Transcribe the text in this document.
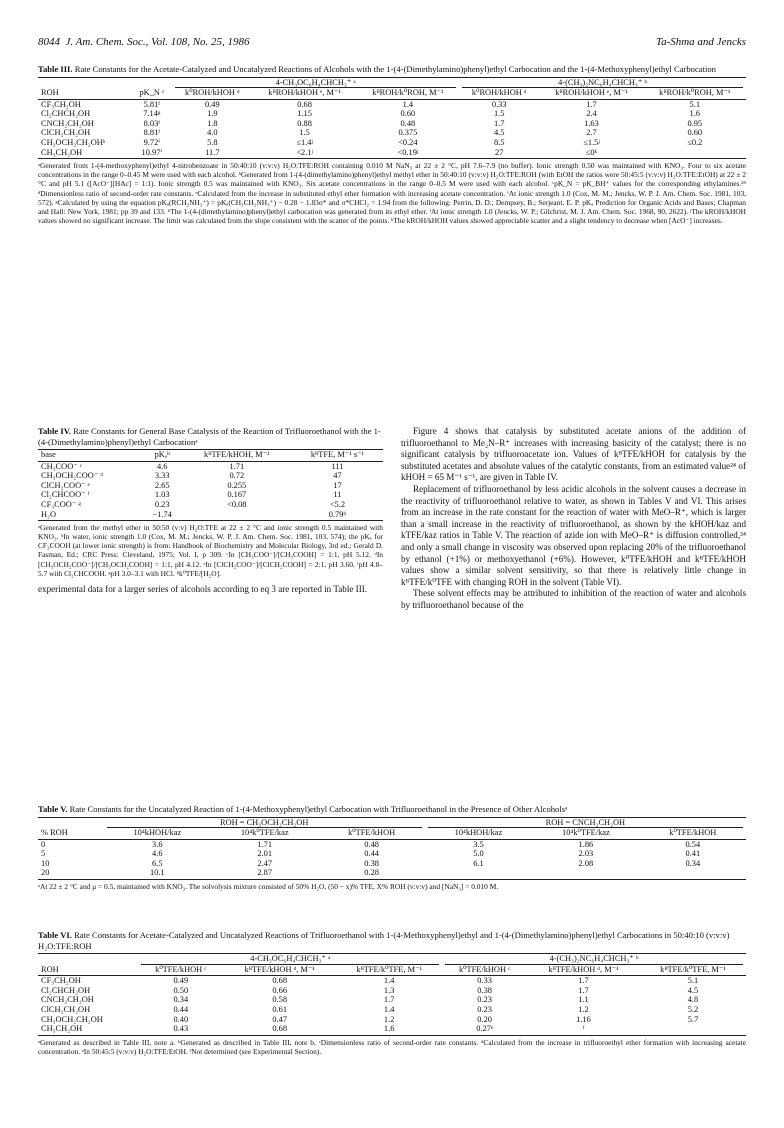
8044 J. Am. Chem. Soc., Vol. 108, No. 25, 1986	Ta-Shma and Jencks

Table III. Rate Constants for the Acetate-Catalyzed and Uncatalyzed Reactions of Alcohols with the 1-(4-(Dimethylamino)phenyl)ethyl Carbocation and the 1-(4-Methoxyphenyl)ethyl Carbocation

		4-CH₃OC₆H₄CHCH₃⁺ ᵃ			4-(CH₃)₂NC₆H₄CHCH₃⁺ ᵇ		

ROH	pK_N ᶜ	k⁰ROH/kHOH ᵈ	kᴮROH/kHOH ᵉ, M⁻¹	kᴮROH/k⁰ROH, M⁻¹	k⁰ROH/kHOH ᵈ	kᴮROH/kHOH ᵉ, M⁻¹	kᴮROH/k⁰ROH, M⁻¹
CF₃CH₂OH	5.81ᶠ	0.49	0.68	1.4	0.33	1.7	5.1
Cl₂CHCH₂OH	7.14ᵍ	1.9	1.15	0.60	1.5	2.4	1.6
CNCH₂CH₂OH	8.03ᶠ	1.8	0.88	0.48	1.7	1.63	0.95
ClCH₂CH₂OH	8.81ᶠ	4.0	1.5	0.375	4.5	2.7	0.60
CH₃OCH₂CH₂OHʰ	9.72ⁱ	5.8	≤1.4ʲ	<0.24	8.5	≤1.5ʲ	≤0.2
CH₃CH₂OH	10.97ⁱ	11.7	<2.1ʲ	<0.19ʲ	27	≤0ᵏ	
ᵃGenerated from 1-(4-methoxyphenyl)ethyl 4-nitrobenzoate in 50:40:10 (v:v:v) H₂O:TFE:ROH containing 0.010 M NaN₃ at 22 ± 2 °C, pH 7.6–7.9 (no buffer). Ionic strength 0.50 was maintained with KNO₃. Four to six acetate concentrations in the range 0–0.45 M were used with each alcohol. ᵇGenerated from 1-(4-(dimethylamino)phenyl)ethyl methyl ether in 50:40:10 (v:v:v) H₂O:TFE:ROH (with EtOH the ratios were 50:45:5 (v:v:v) H₂O:TFE:EtOH) at 22 ± 2 °C and pH 5.1 ([AcO⁻][HAc] = 1:1). Ionic strength 0.5 was maintained with KNO₃. Six acetate concentrations in the range 0–0.5 M were used with each alcohol. ᶜpK_N = pK_BH⁺ values for the corresponding ethylamines.²⁵ ᵈDimensionless ratio of second-order rate constants. ᵉCalculated from the increase in substituted ethyl ether formation with increasing acetate concentration. ᶠAt ionic strength 1.0 (Cox, M. M.; Jencks, W. P. J. Am. Chem. Soc. 1981, 103, 572). ᵍCalculated by using the equation pKₐ(RCH₂NH₃⁺) = pKₐ(CH₃CH₂NH₃⁺) − 0.28 − 1.83σ* and σ*CHCl₂ = 1.94 from the following: Perrin, D. D.; Dempsey, B.; Serjeant, E. P. pKₐ Prediction for Organic Acids and Bases; Chapman and Hall: New York, 1981; pp 39 and 133. ʰThe 1-(4-(dimethylamino)phenyl)ethyl carbocation was generated from its ethyl ether. ⁱAt ionic strength 1.0 (Jencks, W. P.; Gilchrist, M. J. Am. Chem. Soc. 1968, 90, 2622). ʲThe kROH/kHOH values showed no significant increase. The limit was calculated from the slope consistent with the scatter of the points. ᵏThe kROH/kHOH values showed appreciable scatter and a slight tendency to decrease when [AcO⁻] increases.

Table IV. Rate Constants for General Base Catalysis of the Reaction of Trifluoroethanol with the 1-(4-(Dimethylamino)phenyl)ethyl Carbocationᵃ

base	pKₐᵇ	kᴮTFE/kHOH, M⁻¹	kᴮTFE, M⁻¹ s⁻¹
CH₃COO⁻ ᶜ	4.6	1.71	111
CH₃OCH₂COO⁻ ᵈ	3.33	0.72	47
ClCH₂COO⁻ ᵉ	2.65	0.255	17
Cl₂CHCOO⁻ ᶠ	1.03	0.167	11
CF₃COO⁻ ᵍ	0.23	<0.08	<5.2
H₂O	−1.74		0.79ʰ
ᵃGenerated from the methyl ether in 50:50 (v:v) H₂O:TFE at 22 ± 2 °C and ionic strength 0.5 maintained with KNO₃. ᵇIn water, ionic strength 1.0 (Cox, M. M.; Jencks, W. P. J. Am. Chem. Soc. 1981, 103, 574); the pKₐ for CF₃COOH (at lower ionic strength) is from: Handbook of Biochemistry and Molecular Biology, 3rd ed.; Gerald D. Fasman, Ed.; CRC Press: Cleveland, 1975; Vol. I, p 309. ᶜIn [CH₃COO⁻]/[CH₃COOH] = 1:1, pH 5.12. ᵈIn [CH₃OCH₂COO⁻]/[CH₃OCH₂COOH] = 1:1, pH 4.12. ᵉIn [ClCH₂COO⁻]/[ClCH₂COOH] = 2:1, pH 3.60. ᶠpH 4.8–5.7 with Cl₂CHCOOH. ᵍpH 3.0–3.1 with HCl. ʰk⁰TFE/[H₂O].

experimental data for a larger series of alcohols according to eq 3 are reported in Table III.

Figure 4 shows that catalysis by substituted acetate anions of the addition of trifluoroethanol to Me₂N–R⁺ increases with increasing basicity of the catalyst; there is no significant catalysis by trifluoroacetate ion. Values of kᴮTFE/kHOH for catalysis by the substituted acetates and absolute values of the catalytic constants, from an estimated value²⁴ of kHOH = 65 M⁻¹ s⁻¹, are given in Table IV.

Replacement of trifluoroethanol by less acidic alcohols in the solvent causes a decrease in the reactivity of trifluoroethanol relative to water, as shown in Tables V and VI. This arises from an increase in the rate constant for the reaction of water with MeO–R⁺, which is larger than a small increase in the reactivity of trifluoroethanol, as shown by the kHOH/kaz and kTFE/kaz ratios in Table V. The reaction of azide ion with MeO–R⁺ is diffusion controlled,²⁴ and only a small change in viscosity was observed upon replacing 20% of the trifluoroethanol by ethanol (+1%) or methoxyethanol (+6%). However, k⁰TFE/kHOH and kᴮTFE/kHOH values show a similar solvent sensitivity, so that there is relatively little change in kᴮTFE/k⁰TFE with changing ROH in the solvent (Table VI).

These solvent effects may be attributed to inhibition of the reaction of water and alcohols by trifluoroethanol because of the

Table V. Rate Constants for the Uncatalyzed Reaction of 1-(4-Methoxyphenyl)ethyl Carbocation with Trifluoroethanol in the Presence of Other Alcoholsᵃ

	ROH = CH₃OCH₂CH₂OH			ROH = CNCH₂CH₂OH		

% ROH	10⁴kHOH/kaz	10⁴k⁰TFE/kaz	k⁰TFE/kHOH	10⁴kHOH/kaz	10⁴k⁰TFE/kaz	k⁰TFE/kHOH
0	3.6	1.71	0.48	3.5	1.86	0.54
5	4.6	2.01	0.44	5.0	2.03	0.41
10	6.5	2.47	0.38	6.1	2.08	0.34
20	10.1	2.87	0.28			
ᵃAt 22 ± 2 °C and μ = 0.5, maintained with KNO₃. The solvolysis mixture consisted of 50% H₂O, (50 − x)% TFE, X% ROH (v:v:v) and [NaN₃] = 0.010 M.

Table VI. Rate Constants for Acetate-Catalyzed and Uncatalyzed Reactions of Trifluoroethanol with 1-(4-Methoxyphenyl)ethyl and 1-(4-(Dimethylamino)phenyl)ethyl Carbocations in 50:40:10 (v:v:v) H₂O:TFE:ROH

	4-CH₃OC₆H₄CHCH₃⁺ ᵃ			4-(CH₃)₂NC₆H₄CHCH₃⁺ ᵇ		

ROH	k⁰TFE/kHOH ᶜ	kᴮTFE/kHOH ᵈ, M⁻¹	kᴮTFE/k⁰TFE, M⁻¹	k⁰TFE/kHOH ᶜ	kᴮTFE/kHOH ᵈ, M⁻¹	kᴮTFE/k⁰TFE, M⁻¹
CF₃CH₂OH	0.49	0.68	1.4	0.33	1.7	5.1
Cl₂CHCH₂OH	0.50	0.66	1.3	0.38	1.7	4.5
CNCH₂CH₂OH	0.34	0.58	1.7	0.23	1.1	4.8
ClCH₂CH₂OH	0.44	0.61	1.4	0.23	1.2	5.2
CH₃OCH₂CH₂OH	0.40	0.47	1.2	0.20	1.16	5.7
CH₃CH₂OH	0.43	0.68	1.6	0.27ᵉ	ᶠ	
ᵃGenerated as described in Table III, note a. ᵇGenerated as described in Table III, note b. ᶜDimensionless ratio of second-order rate constants. ᵈCalculated from the increase in trifluoroethyl ether formation with increasing acetate concentration. ᵉIn 50:45:5 (v:v:v) H₂O:TFE:EtOH. ᶠNot determined (see Experimental Section).
